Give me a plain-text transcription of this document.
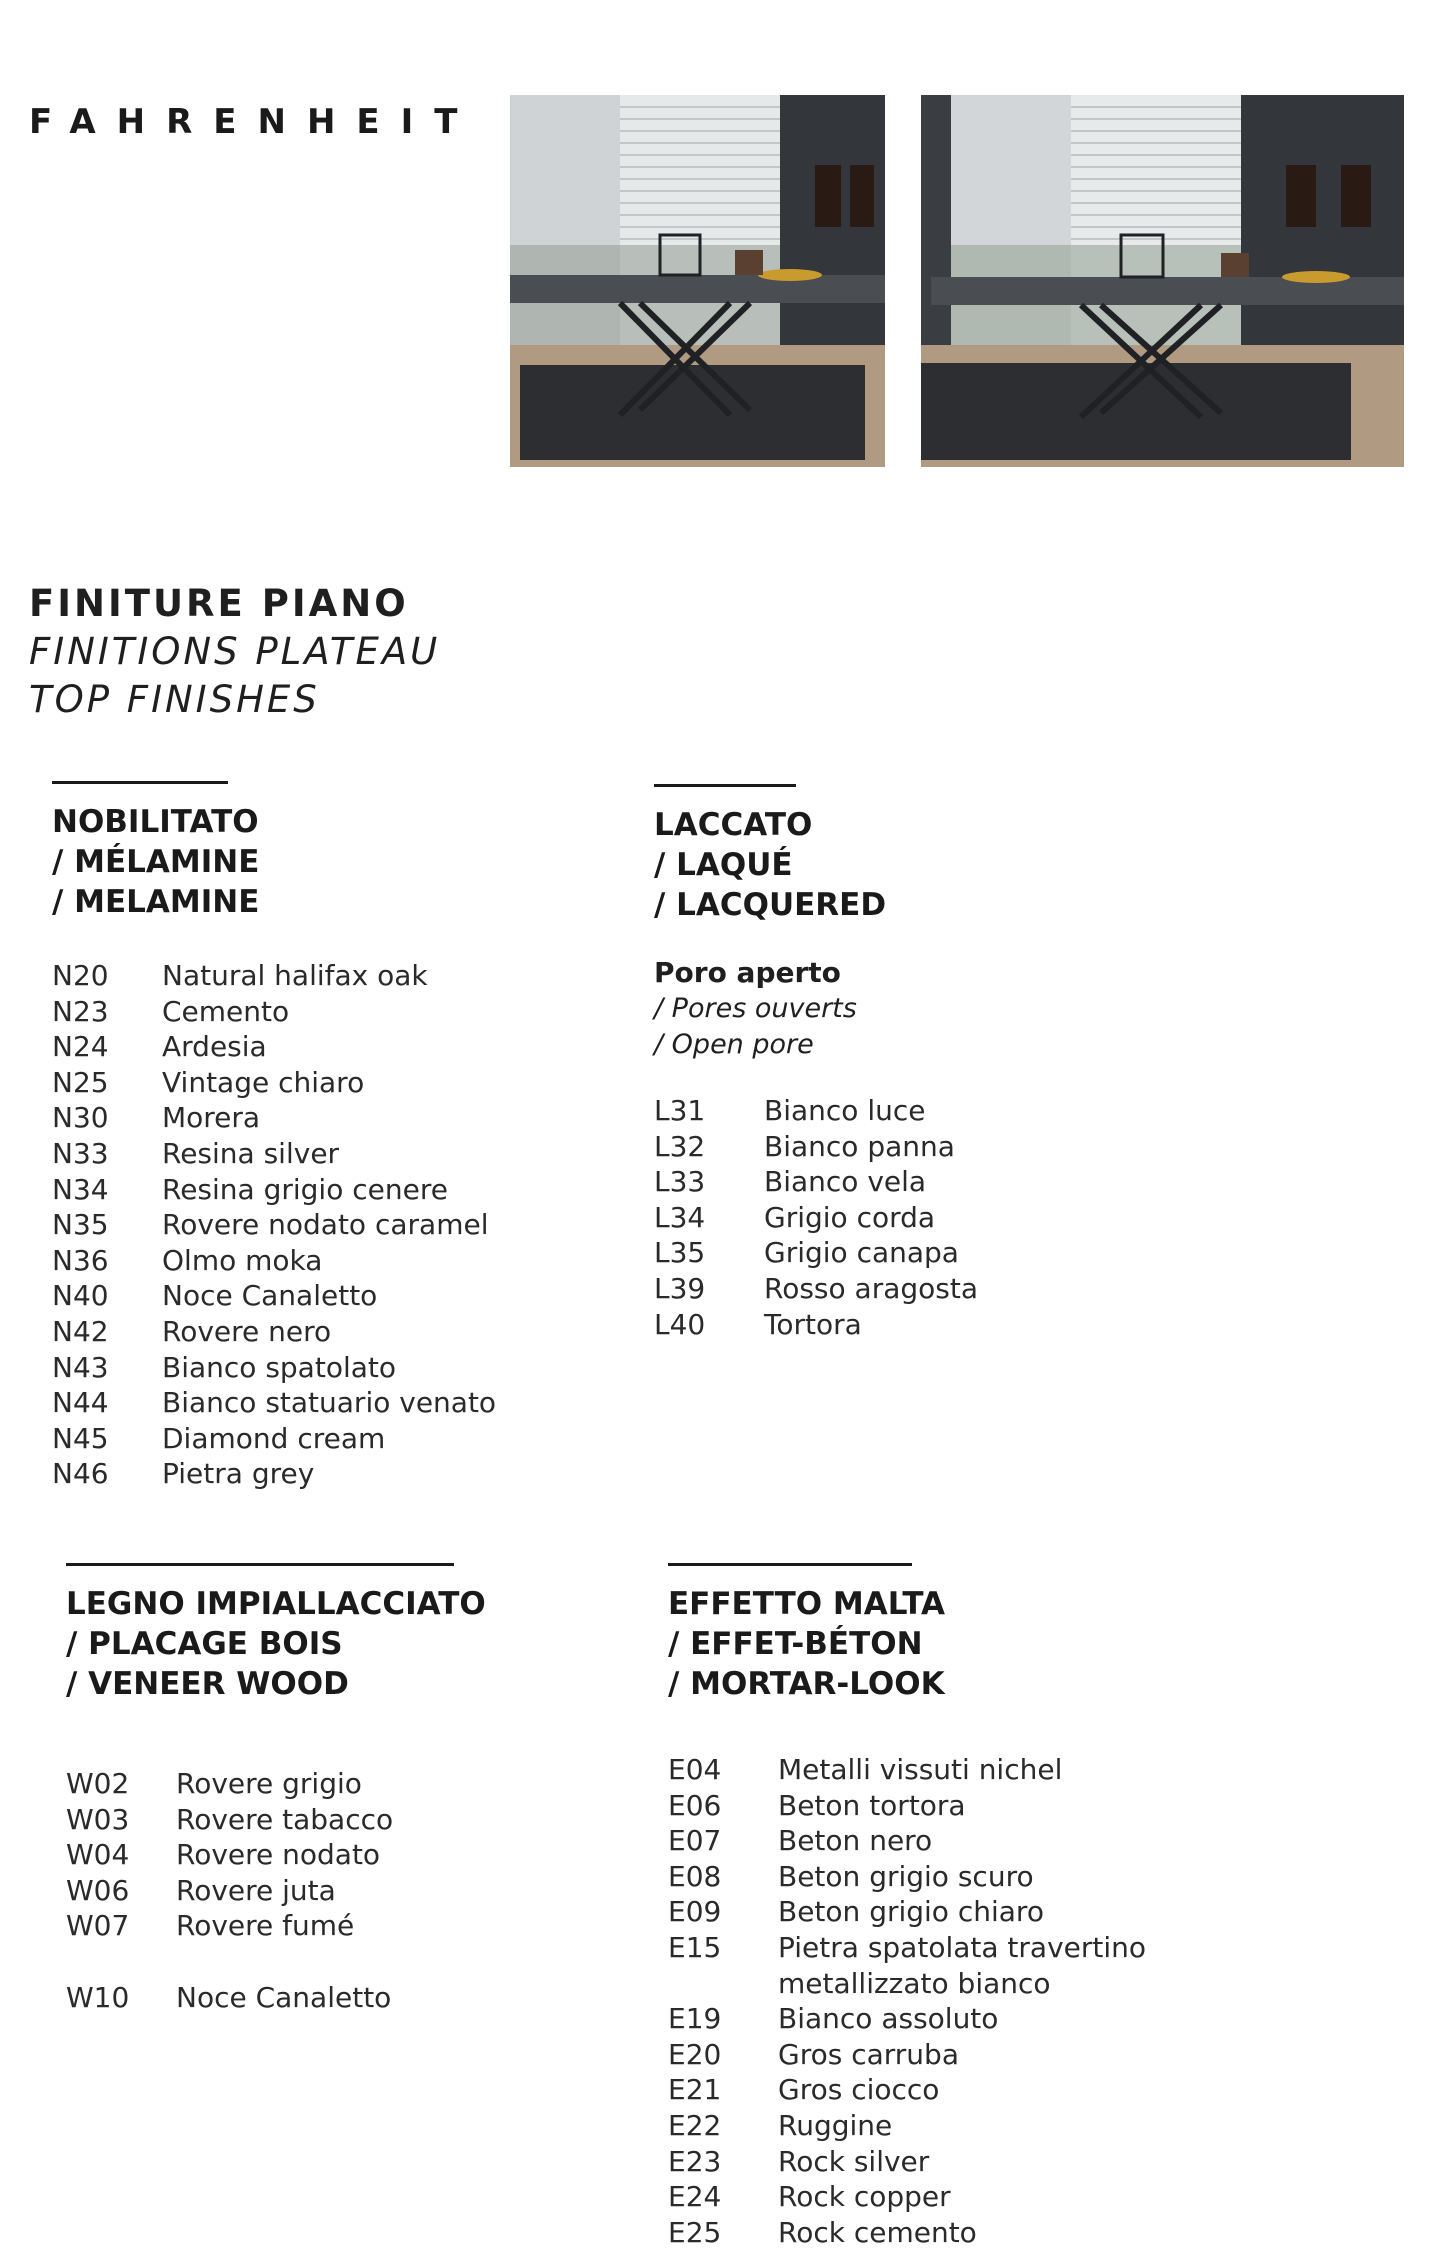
FAHRENHEIT
FINITURE PIANO
FINITIONS PLATEAU
TOP FINISHES
NOBILITATO
/ MÉLAMINE
/ MELAMINE
N20	Natural halifax oak
N23	Cemento
N24	Ardesia
N25	Vintage chiaro
N30	Morera
N33	Resina silver
N34	Resina grigio cenere
N35	Rovere nodato caramel
N36	Olmo moka
N40	Noce Canaletto
N42	Rovere nero
N43	Bianco spatolato
N44	Bianco statuario venato
N45	Diamond cream
N46	Pietra grey
LACCATO
/ LAQUÉ
/ LACQUERED
Poro aperto
/ Pores ouverts
/ Open pore
L31	Bianco luce
L32	Bianco panna
L33	Bianco vela
L34	Grigio corda
L35	Grigio canapa
L39	Rosso aragosta
L40	Tortora
LEGNO IMPIALLACCIATO
/ PLACAGE BOIS
/ VENEER WOOD
W02	Rovere grigio
W03	Rovere tabacco
W04	Rovere nodato
W06	Rovere juta
W07	Rovere fumé
W10	Noce Canaletto
EFFETTO MALTA
/ EFFET-BÉTON
/ MORTAR-LOOK
E04	Metalli vissuti nichel
E06	Beton tortora
E07	Beton nero
E08	Beton grigio scuro
E09	Beton grigio chiaro
E15	Pietra spatolata travertino
metallizzato bianco
E19	Bianco assoluto
E20	Gros carruba
E21	Gros ciocco
E22	Ruggine
E23	Rock silver
E24	Rock copper
E25	Rock cemento
